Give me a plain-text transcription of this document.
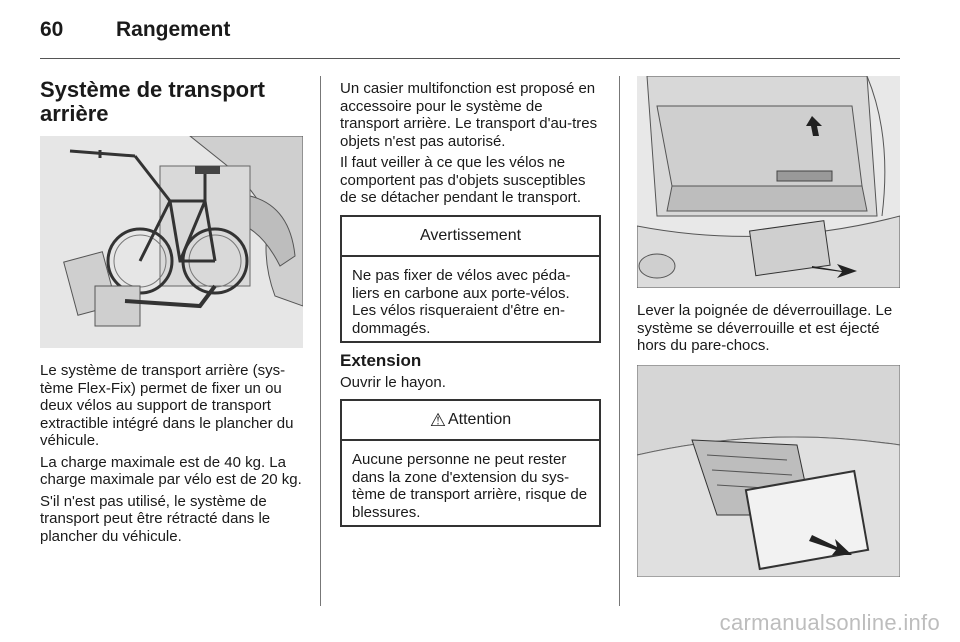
60	Rangement
Système de transport arrière

Le système de transport arrière (sys-tème Flex-Fix) permet de fixer un ou deux vélos au support de transport extractible intégré dans le plancher du véhicule.

La charge maximale est de 40 kg. La charge maximale par vélo est de 20 kg.

S'il n'est pas utilisé, le système de transport peut être rétracté dans le plancher du véhicule.

Un casier multifonction est proposé en accessoire pour le système de transport arrière. Le transport d'au-tres objets n'est pas autorisé.

Il faut veiller à ce que les vélos ne comportent pas d'objets susceptibles de se détacher pendant le transport.

Avertissement
Ne pas fixer de vélos avec péda-liers en carbone aux porte-vélos. Les vélos risqueraient d'être en-dommagés.
Extension
Ouvrir le hayon.
⚠ Attention
Aucune personne ne peut rester dans la zone d'extension du sys-tème de transport arrière, risque de blessures.
Lever la poignée de déverrouillage. Le système se déverrouille et est éjecté hors du pare-chocs.
carmanualsonline.info
